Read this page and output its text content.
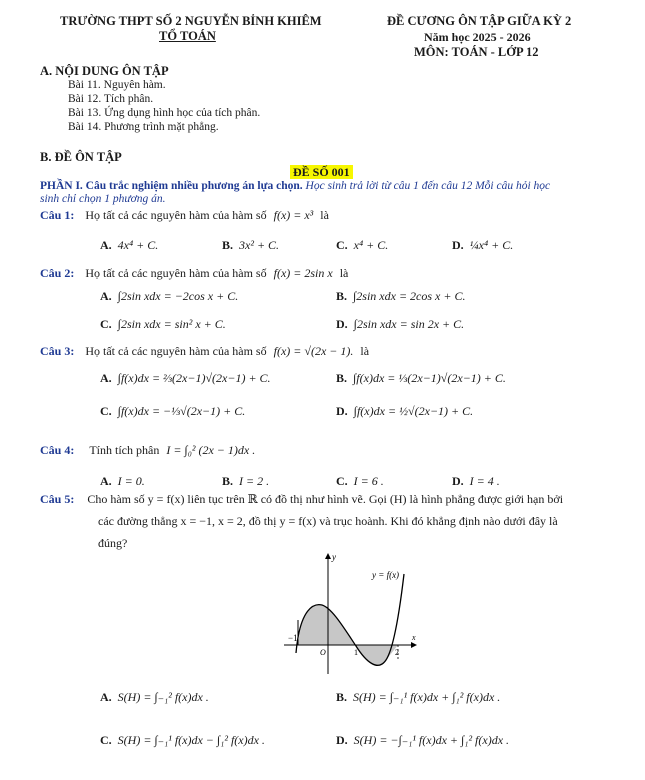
TRƯỜNG THPT SỐ 2 NGUYỄN BỈNH KHIÊM
TỔ TOÁN
ĐỀ CƯƠNG ÔN TẬP GIỮA KỲ 2
Năm học 2025 - 2026
MÔN: TOÁN - LỚP 12
A. NỘI DUNG ÔN TẬP
Bài 11. Nguyên hàm.
Bài 12. Tích phân.
Bài 13. Ứng dụng hình học của tích phân.
Bài 14. Phương trình mặt phẳng.
B. ĐỀ ÔN TẬP
ĐỀ SỐ 001
PHẦN I. Câu trắc nghiệm nhiều phương án lựa chọn. Học sinh trả lời từ câu 1 đến câu 12 Mỗi câu hỏi học
sinh chỉ chọn 1 phương án.
Câu 1: Họ tất cả các nguyên hàm của hàm số f(x) = x³ là
A. 4x⁴ + C.	B. 3x² + C.	C. x⁴ + C.	D. ¼x⁴ + C.
Câu 2: Họ tất cả các nguyên hàm của hàm số f(x) = 2sin x là
A. ∫2sin xdx = −2cos x + C.	B. ∫2sin xdx = 2cos x + C.
C. ∫2sin xdx = sin² x + C.	D. ∫2sin xdx = sin 2x + C.
Câu 3: Họ tất cả các nguyên hàm của hàm số f(x) = √(2x − 1). là
A. ∫f(x)dx = ⅔(2x−1)√(2x−1) + C.	B. ∫f(x)dx = ⅓(2x−1)√(2x−1) + C.
C. ∫f(x)dx = −⅓√(2x−1) + C.	D. ∫f(x)dx = ½√(2x−1) + C.
Câu 4: Tính tích phân I = ∫₀² (2x − 1)dx .
A. I = 0.	B. I = 2 .	C. I = 6 .	D. I = 4 .
Câu 5: Cho hàm số y = f(x) liên tục trên ℝ có đồ thị như hình vẽ. Gọi (H) là hình phẳng được giới hạn bởi
các đường thẳng x = −1, x = 2, đồ thị y = f(x) và trục hoành. Khi đó khẳng định nào dưới đây là
đúng?
y
x
y = f(x)
−1
O	1	2
A. S(H) = ∫₋₁² f(x)dx .	B. S(H) = ∫₋₁¹ f(x)dx + ∫₁² f(x)dx .
C. S(H) = ∫₋₁¹ f(x)dx − ∫₁² f(x)dx .	D. S(H) = −∫₋₁¹ f(x)dx + ∫₁² f(x)dx .
